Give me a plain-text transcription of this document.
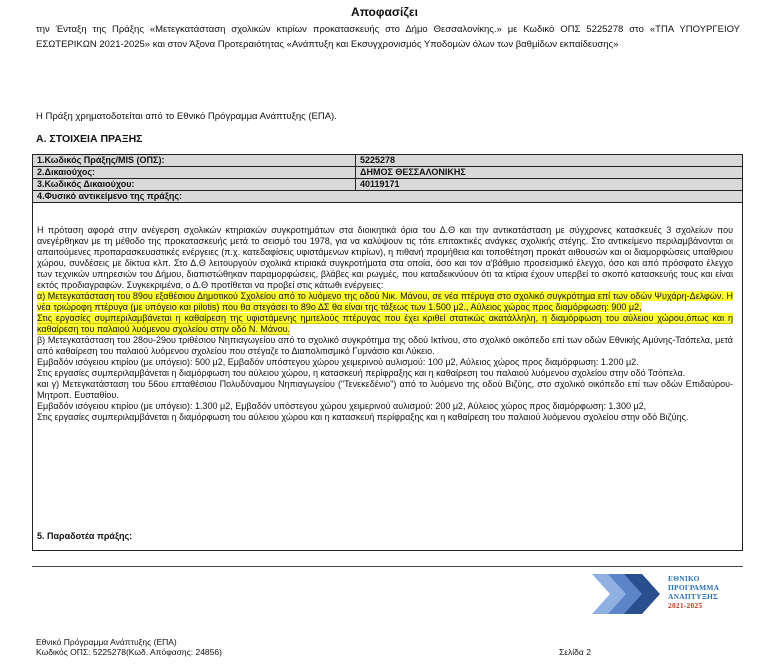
Αποφασίζει
την Ένταξη της Πράξης «Μετεγκατάσταση σχολικών κτιρίων προκατασκευής στο Δήμο Θεσσαλονίκης.» με Κωδικό ΟΠΣ 5225278 στο «ΤΠΑ ΥΠΟΥΡΓΕΙΟΥ ΕΣΩΤΕΡΙΚΩΝ 2021-2025» και στον Άξονα Προτεραιότητας «Ανάπτυξη και Εκσυγχρονισμός Υποδομών όλων των βαθμίδων εκπαίδευσης»
Η Πράξη χρηματοδοτείται από το Εθνικό Πρόγραμμα Ανάπτυξης (ΕΠΑ).
Α. ΣΤΟΙΧΕΙΑ ΠΡΑΞΗΣ
1.Κωδικός Πράξης/MIS (ΟΠΣ):	5225278
2.Δικαιούχος:	ΔΗΜΟΣ ΘΕΣΣΑΛΟΝΙΚΗΣ
3.Κωδικός Δικαιούχου:	40119171
4.Φυσικό αντικείμενο της πράξης:	

Η πρόταση αφορά στην ανέγερση σχολικών κτηριακών συγκροτημάτων στα διοικητικά όρια του Δ.Θ και την αντικατάσταση με σύγχρονες κατασκευές 3 σχολείων που ανεγέρθηκαν με τη μέθοδο της προκατασκευής μετά το σεισμό του 1978, για να καλύψουν τις τότε επιτακτικές ανάγκες σχολικής στέγης. Στο αντικείμενο περιλαμβάνονται οι απαιτούμενες προπαρασκευαστικές ενέργειες (π.χ. κατεδαφίσεις υφιστάμενων κτιρίων), η πιθανή προμήθεια και τοποθέτηση προκάτ αιθουσών και οι διαμορφώσεις υπαίθριου χώρου, συνδέσεις με δίκτυα κλπ. Στο Δ.Θ λειτουργούν σχολικά κτιριακά συγκροτήματα στα οποία, όσο και τον α'βάθμιο προσεισμικό έλεγχο, όσο και από πρόσφατο έλεγχο των τεχνικών υπηρεσιών του Δήμου, διαπιστώθηκαν παραμορφώσεις, βλάβες και ρωγμές, που καταδεικνύουν ότι τα κτίρια έχουν υπερβεί το σκοπό κατασκευής τους και είναι εκτός προδιαγραφών. Συγκεκριμένα, ο Δ.Θ προτίθεται να προβεί στις κάτωθι ενέργειες:

α) Μετεγκατάσταση του 89ου εξαθέσιου Δημοτικού Σχολείου από το λυόμενο της οδού Νικ. Μάνου, σε νέα πτέρυγα στο σχολικό συγκρότημα επί των οδών Ψυχάρη-Δελφών. Η νέα τριώροφη πτέρυγα (με υπόγειο και pilotis) που θα στεγάσει το 89ο ΔΣ θα είναι της τάξεως των 1.500 μ2., Αύλειος χώρος προς διαμόρφωση: 900 μ2,

Στις εργασίες συμπεριλαμβάνεται η καθαίρεση της υφιστάμενης ημιτελούς πτέρυγας που έχει κριθεί στατικώς ακατάλληλη, η διαμόρφωση του αύλειου χώρου,όπως και η καθαίρεση του παλαιού λυόμενου σχολείου στην οδό Ν. Μάνου.

β) Μετεγκατάσταση του 28ου-29ου τριθέσιου Νηπιαγωγείου από το σχολικό συγκρότημα της οδού Ικτίνου, στο σχολικό οικόπεδο επί των οδών Εθνικής Αμύνης-Τσόπελα, μετά από καθαίρεση του παλαιού λυόμενου σχολείου που στέγαζε το Διαπολιτισμικό Γυμνάσιο και Λύκειο.

Εμβαδόν ισόγειου κτιρίου (με υπόγειο): 500 μ2, Εμβαδόν υπόστεγου χώρου χειμερινού αυλισμού: 100 μ2, Αύλειος χώρος προς διαμόρφωση: 1.200 μ2.

Στις εργασίες συμπεριλαμβάνεται η διαμόρφωση του αύλειου χώρου, η κατασκευή περίφραξης και η καθαίρεση του παλαιού λυόμενου σχολείου στην οδό Τσόπελα.

και γ) Μετεγκατάσταση του 56ου επταθέσιου Πολυδύναμου Νηπιαγωγείου ("Τενεκεδένιο") από το λυόμενο της οδού Βιζύης, στο σχολικό οικόπεδο επί των οδών Επιδαύρου-Μητροπ. Ευσταθίου.

Εμβαδόν ισόγειου κτιρίου (με υπόγειο): 1.300 μ2, Εμβαδόν υπόστεγου χώρου χειμερινού αυλισμού: 200 μ2, Αύλειος χώρος προς διαμόρφωση: 1.300 μ2,

Στις εργασίες συμπεριλαμβάνεται η διαμόρφωση του αύλειου χώρου και η κατασκευή περίφραξης και η καθαίρεση του παλαιού λυόμενου σχολείου στην οδό Βιζύης.

5. Παραδοτέα πράξης:
ΕΘΝΙΚΟ
ΠΡΟΓΡΑΜΜΑ
ΑΝΑΠΤΥΞΗΣ
2021-2025
Εθνικό Πρόγραμμα Ανάπτυξης (ΕΠΑ)
Κωδικός ΟΠΣ: 5225278(Κωδ. Απόφασης: 24856)	Σελίδα 2
